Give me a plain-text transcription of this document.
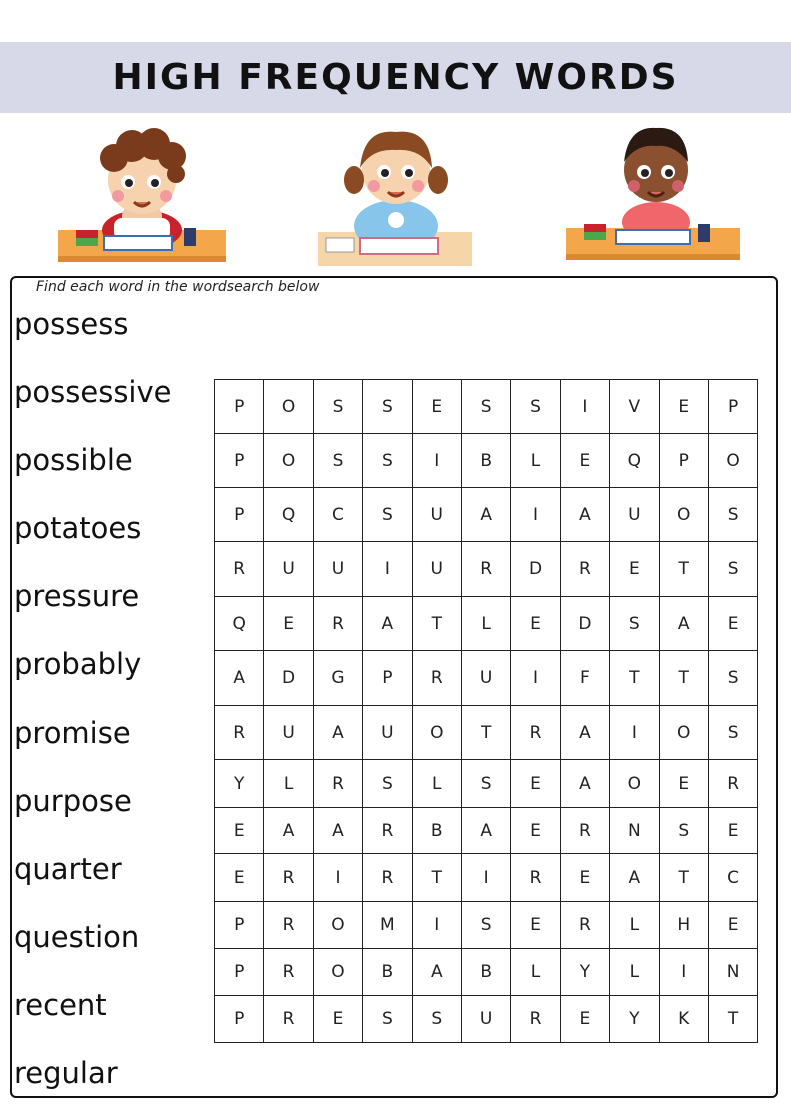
HIGH FREQUENCY WORDS
Find each word in the wordsearch below
possess
possessive
possible
potatoes
pressure
probably
promise
purpose
quarter
question
recent
regular
P	O	S	S	E	S	S	I	V	E	P
P	O	S	S	I	B	L	E	Q	P	O
P	Q	C	S	U	A	I	A	U	O	S
R	U	U	I	U	R	D	R	E	T	S
Q	E	R	A	T	L	E	D	S	A	E
A	D	G	P	R	U	I	F	T	T	S
R	U	A	U	O	T	R	A	I	O	S
Y	L	R	S	L	S	E	A	O	E	R
E	A	A	R	B	A	E	R	N	S	E
E	R	I	R	T	I	R	E	A	T	C
P	R	O	M	I	S	E	R	L	H	E
P	R	O	B	A	B	L	Y	L	I	N
P	R	E	S	S	U	R	E	Y	K	T
